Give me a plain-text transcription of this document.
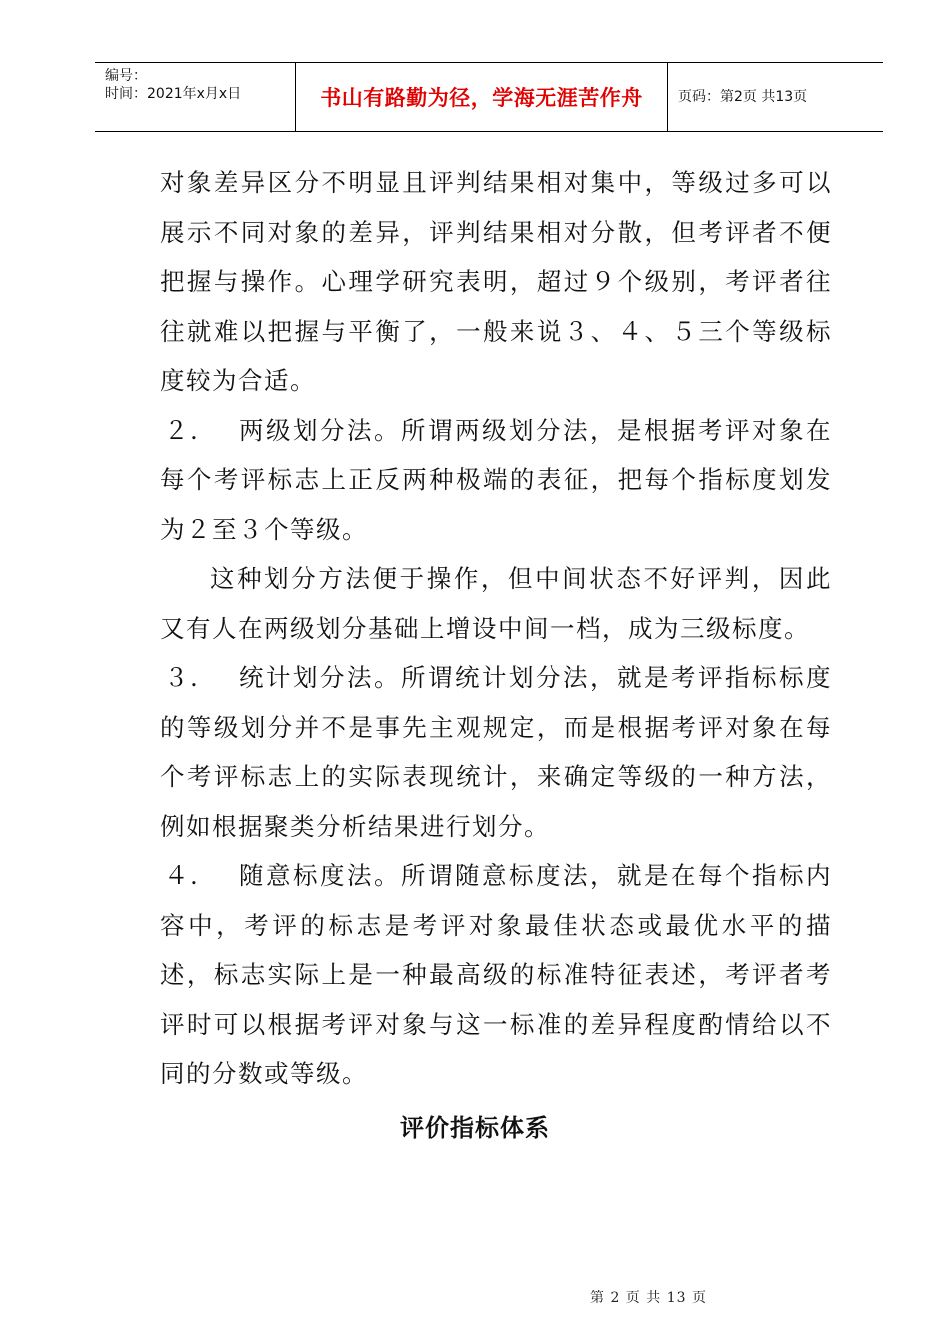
编号：
时间：2021年x月x日	书山有路勤为径，学海无涯苦作舟	页码：第2页 共13页

对象差异区分不明显且评判结果相对集中，等级过多可以展示不同对象的差异，评判结果相对分散，但考评者不便把握与操作。心理学研究表明，超过９个级别，考评者往往就难以把握与平衡了，一般来说３、４、５三个等级标度较为合适。

２. 两级划分法。所谓两级划分法，是根据考评对象在每个考评标志上正反两种极端的表征，把每个指标度划发为２至３个等级。

这种划分方法便于操作，但中间状态不好评判，因此又有人在两级划分基础上增设中间一档，成为三级标度。

３. 统计划分法。所谓统计划分法，就是考评指标标度的等级划分并不是事先主观规定，而是根据考评对象在每个考评标志上的实际表现统计，来确定等级的一种方法，例如根据聚类分析结果进行划分。

４. 随意标度法。所谓随意标度法，就是在每个指标内容中，考评的标志是考评对象最佳状态或最优水平的描述，标志实际上是一种最高级的标准特征表述，考评者考评时可以根据考评对象与这一标准的差异程度酌情给以不同的分数或等级。

评价指标体系
第 2 页 共 13 页
